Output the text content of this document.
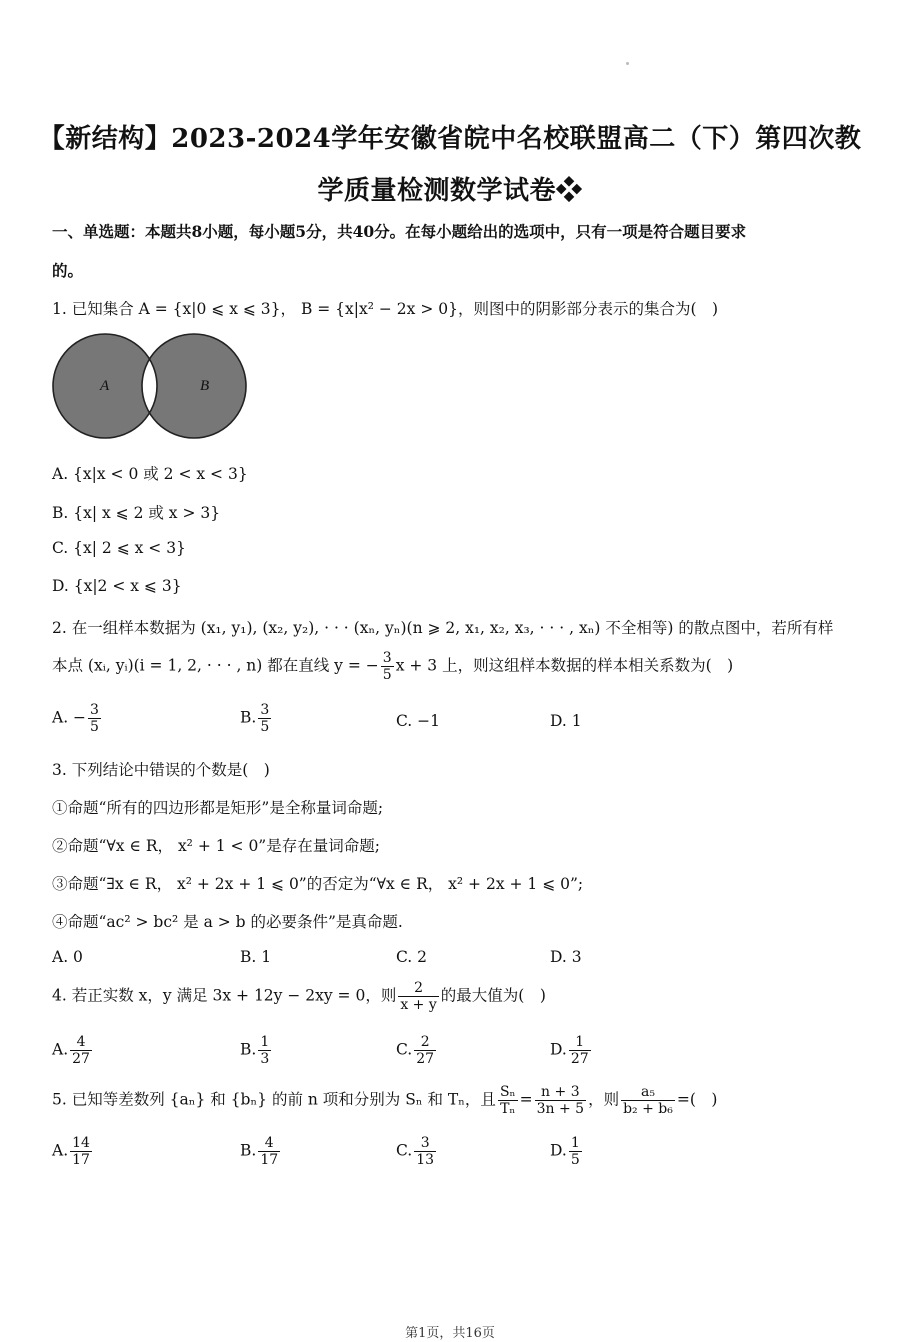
【新结构】2023-2024学年安徽省皖中名校联盟高二（下）第四次教
学质量检测数学试卷❖
一、单选题：本题共8小题，每小题5分，共40分。在每小题给出的选项中，只有一项是符合题目要求
的。
1. 已知集合 A = {x|0 ⩽ x ⩽ 3}， B = {x|x² − 2x > 0}，则图中的阴影部分表示的集合为(　)
A	B
A. {x|x < 0 或 2 < x < 3}
B. {x| x ⩽ 2 或 x > 3}
C. {x| 2 ⩽ x < 3}
D. {x|2 < x ⩽ 3}
2. 在一组样本数据为 (x₁, y₁), (x₂, y₂), · · · (xₙ, yₙ)(n ⩾ 2, x₁, x₂, x₃, · · · , xₙ) 不全相等) 的散点图中，若所有样
本点 (xᵢ, yᵢ)(i = 1, 2, · · · , n) 都在直线 y = − $\frac{3}{5}$ x + 3 上，则这组样本数据的样本相关系数为(　)
A. − $\frac{3}{5}$	B. $\frac{3}{5}$	C. −1	D. 1
3. 下列结论中错误的个数是(　)
①命题“所有的四边形都是矩形”是全称量词命题;
②命题“∀x ∈ R， x² + 1 < 0”是存在量词命题;
③命题“∃x ∈ R， x² + 2x + 1 ⩽ 0”的否定为“∀x ∈ R， x² + 2x + 1 ⩽ 0”;
④命题“ac² > bc² 是 a > b 的必要条件”是真命题.
A. 0	B. 1	C. 2	D. 3
4. 若正实数 x，y 满足 3x + 12y − 2xy = 0，则 $\frac{2}{x + y}$ 的最大值为(　)
A. $\frac{4}{27}$	B. $\frac{1}{3}$	C. $\frac{2}{27}$	D. $\frac{1}{27}$
5. 已知等差数列 {aₙ} 和 {bₙ} 的前 n 项和分别为 Sₙ 和 Tₙ，且 $\frac{\text{Sₙ}}{\text{Tₙ}} = \frac{n + 3}{3n + 5}$ ，则 $\frac{\text{a₅}}{\text{b₂ + b₆}}$ =(　)
A. $\frac{14}{17}$	B. $\frac{4}{17}$	C. $\frac{3}{13}$	D. $\frac{1}{5}$
第1页，共16页
